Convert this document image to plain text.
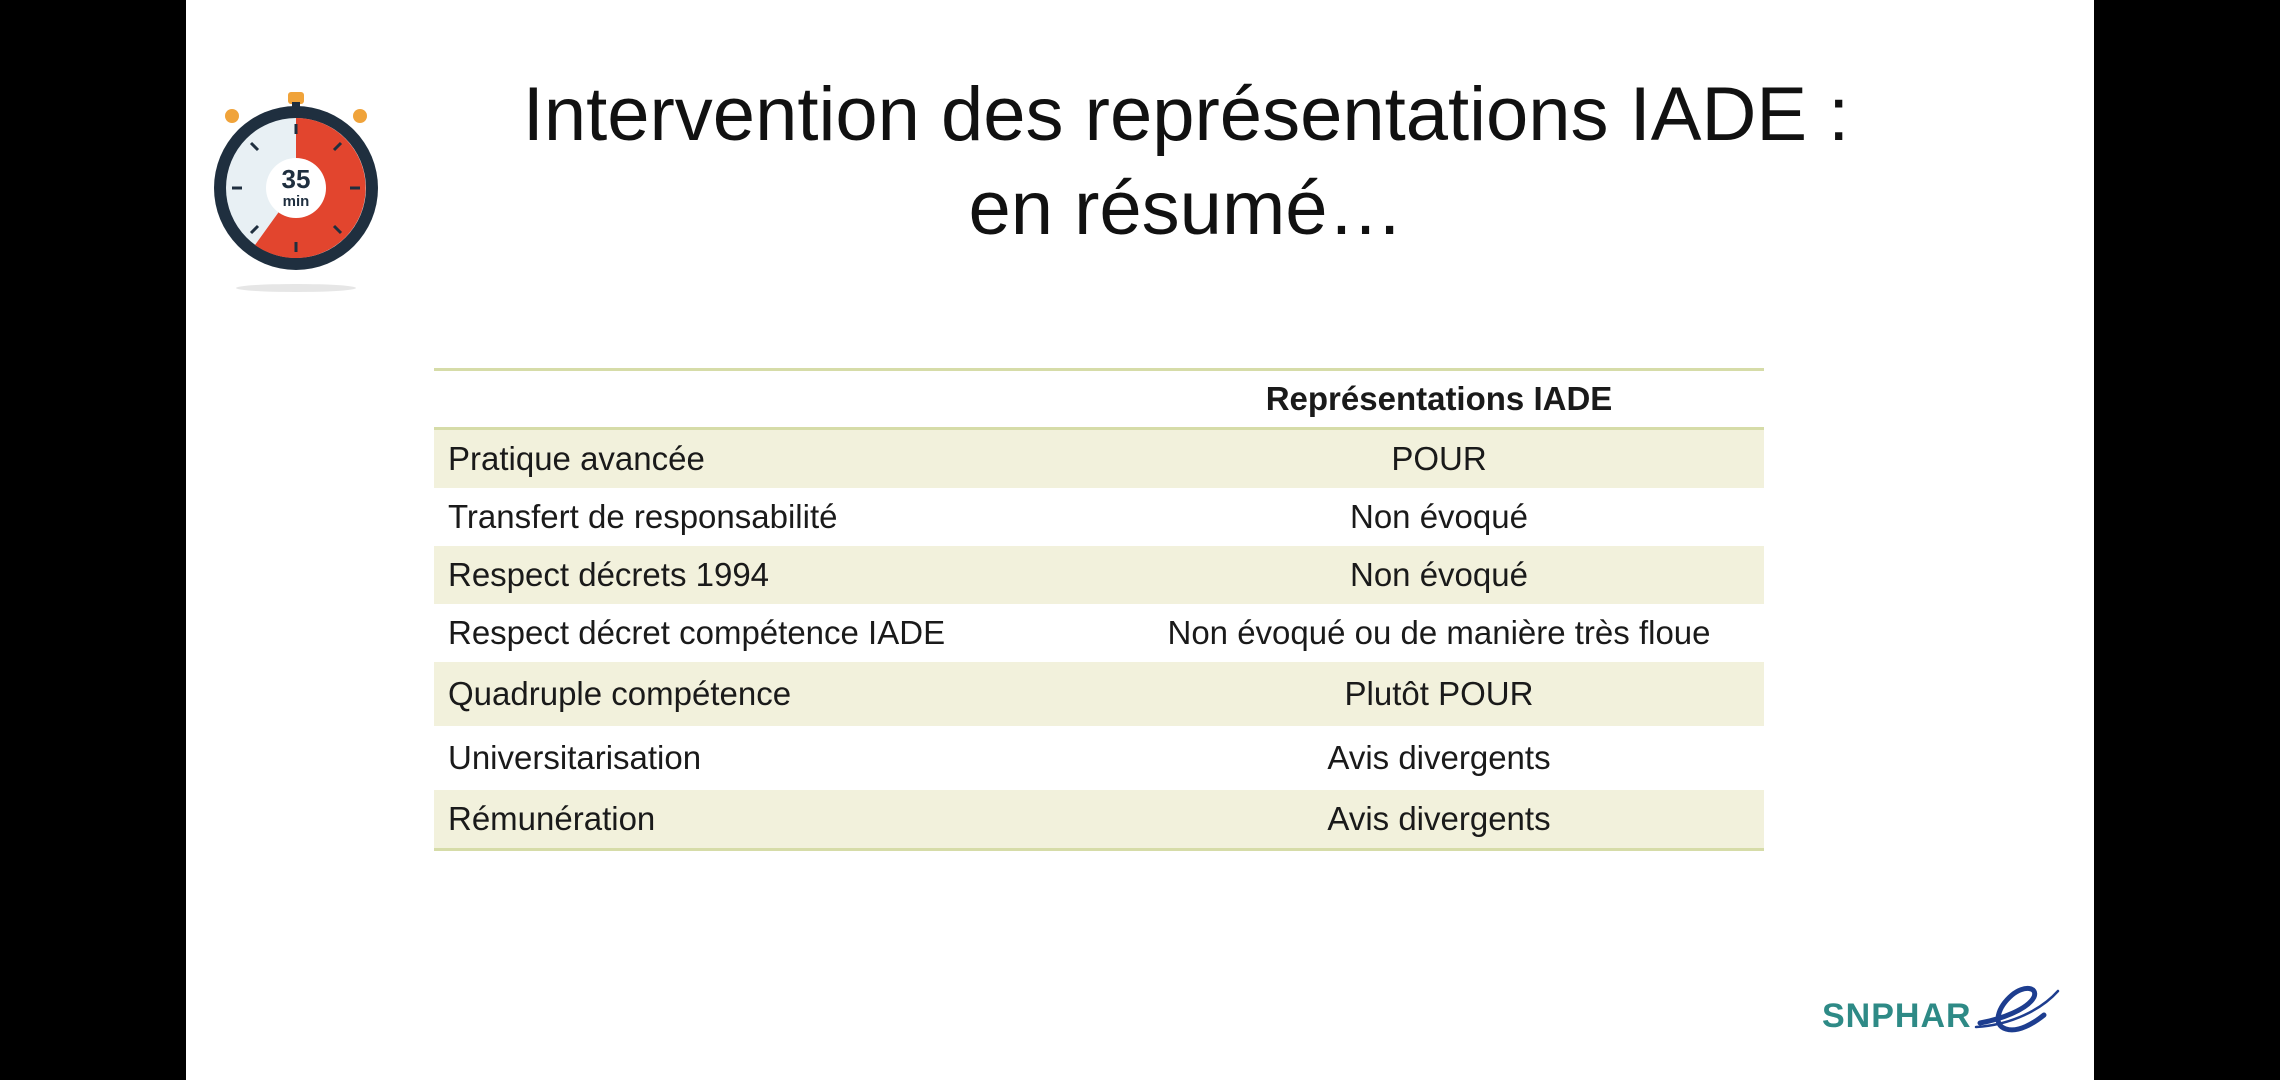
35
min
Intervention des représentations IADE :
en résumé…
Représentations IADE
Pratique avancée	POUR
Transfert de responsabilité	Non évoqué
Respect décrets 1994	Non évoqué
Respect décret compétence IADE	Non évoqué ou de manière très floue
Quadruple compétence	Plutôt POUR
Universitarisation	Avis divergents
Rémunération	Avis divergents
SNPHAR
